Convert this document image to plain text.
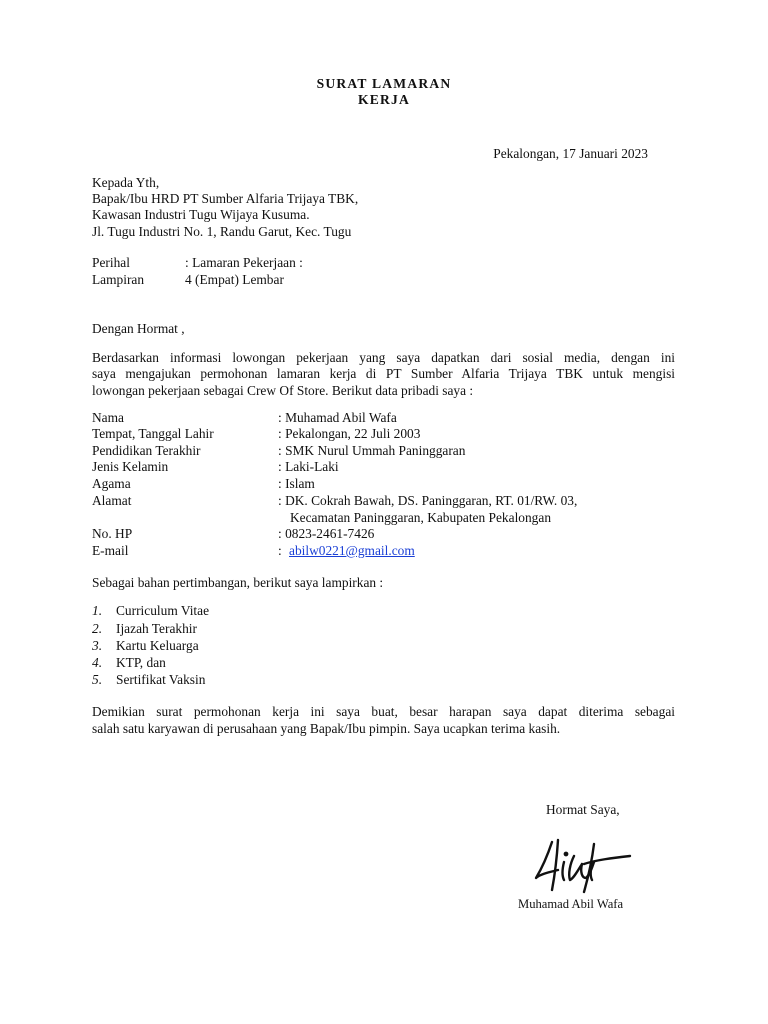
SURAT LAMARAN
KERJA
Pekalongan, 17 Januari 2023
Kepada Yth,
Bapak/Ibu HRD PT Sumber Alfaria Trijaya TBK,
Kawasan Industri Tugu Wijaya Kusuma.
Jl. Tugu Industri No. 1, Randu Garut, Kec. Tugu
Perihal	: Lamaran Pekerjaan :
Lampiran	4 (Empat) Lembar
Dengan Hormat ,
Berdasarkan informasi lowongan pekerjaan yang saya dapatkan dari sosial media, dengan ini
saya mengajukan permohonan lamaran kerja di PT Sumber Alfaria Trijaya TBK untuk mengisi
lowongan pekerjaan sebagai Crew Of Store. Berikut data pribadi saya :
Nama	: Muhamad Abil Wafa
Tempat, Tanggal Lahir	: Pekalongan, 22 Juli 2003
Pendidikan Terakhir	: SMK Nurul Ummah Paninggaran
Jenis Kelamin	: Laki-Laki
Agama	: Islam
Alamat	: DK. Cokrah Bawah, DS. Paninggaran, RT. 01/RW. 03,
Kecamatan Paninggaran, Kabupaten Pekalongan
No. HP	: 0823-2461-7426
E-mail	: abilw0221@gmail.com
Sebagai bahan pertimbangan, berikut saya lampirkan :
1. Curriculum Vitae
2. Ijazah Terakhir
3. Kartu Keluarga
4. KTP, dan
5. Sertifikat Vaksin
Demikian surat permohonan kerja ini saya buat, besar harapan saya dapat diterima sebagai
salah satu karyawan di perusahaan yang Bapak/Ibu pimpin. Saya ucapkan terima kasih.
Hormat Saya,
Muhamad Abil Wafa
